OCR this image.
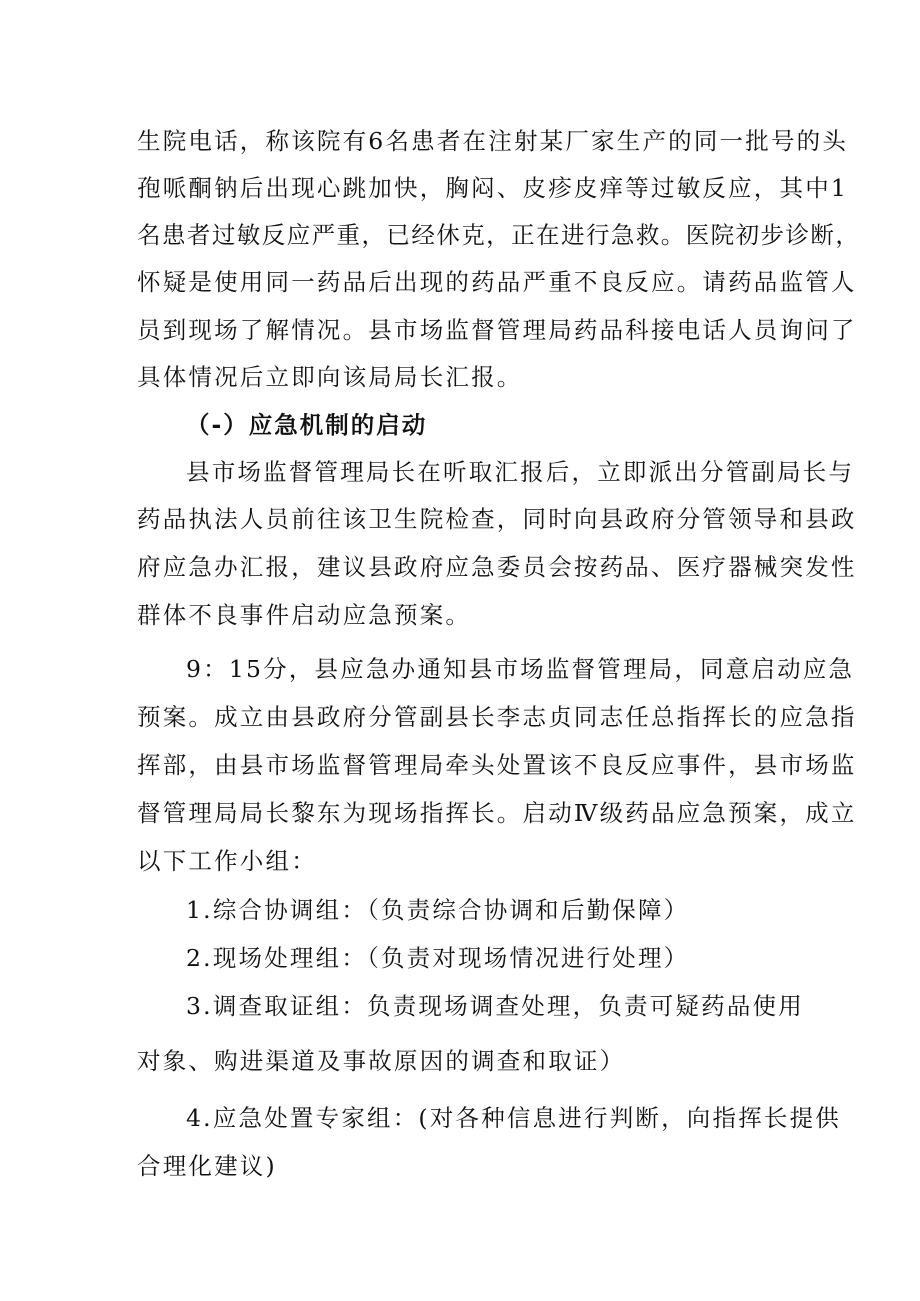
生院电话，称该院有6名患者在注射某厂家生产的同一批号的头
孢哌酮钠后出现心跳加快，胸闷、皮疹皮痒等过敏反应，其中1
名患者过敏反应严重，已经休克，正在进行急救。医院初步诊断，
怀疑是使用同一药品后出现的药品严重不良反应。请药品监管人
员到现场了解情况。县市场监督管理局药品科接电话人员询问了
具体情况后立即向该局局长汇报。
（-）应急机制的启动
县市场监督管理局长在听取汇报后，立即派出分管副局长与
药品执法人员前往该卫生院检查，同时向县政府分管领导和县政
府应急办汇报，建议县政府应急委员会按药品、医疗器械突发性
群体不良事件启动应急预案。
9：15分，县应急办通知县市场监督管理局，同意启动应急
预案。成立由县政府分管副县长李志贞同志任总指挥长的应急指
挥部，由县市场监督管理局牵头处置该不良反应事件，县市场监
督管理局局长黎东为现场指挥长。启动Ⅳ级药品应急预案，成立
以下工作小组：
1.综合协调组：（负责综合协调和后勤保障）
2.现场处理组：（负责对现场情况进行处理）
3.调查取证组：负责现场调查处理，负责可疑药品使用
对象、购进渠道及事故原因的调查和取证）
4.应急处置专家组：(对各种信息进行判断，向指挥长提供
合理化建议)
